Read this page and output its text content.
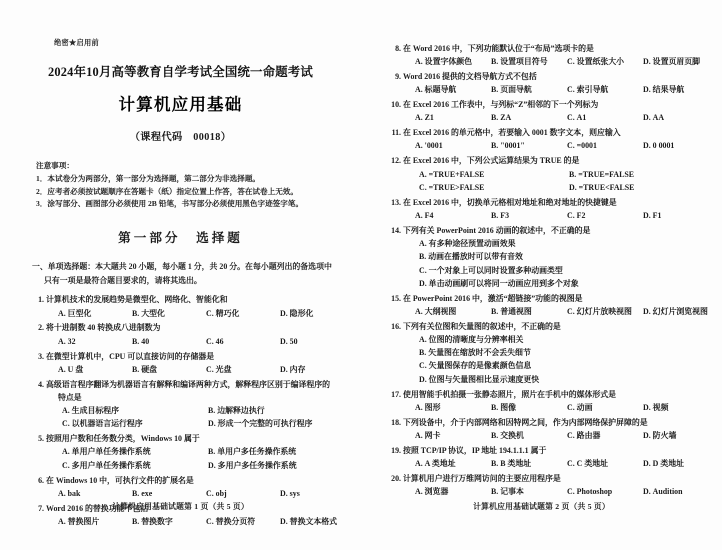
绝密★启用前
2024年10月高等教育自学考试全国统一命题考试
计算机应用基础
（课程代码　00018）
注意事项：
1．本试卷分为两部分，第一部分为选择题，第二部分为非选择题。
2．应考者必须按试题顺序在答题卡（纸）指定位置上作答，答在试卷上无效。
3．涂写部分、画图部分必须使用 2B 铅笔，书写部分必须使用黑色字迹签字笔。
第一部分　选择题
一、单项选择题：本大题共 20 小题，每小题 1 分，共 20 分。在每小题列出的备选项中
只有一项是最符合题目要求的，请将其选出。
1. 计算机技术的发展趋势是微型化、网络化、智能化和
A. 巨型化	B. 大型化	C. 精巧化	D. 隐形化
2. 将十进制数 40 转换成八进制数为
A. 32	B. 40	C. 46	D. 50
3. 在微型计算机中，CPU 可以直接访问的存储器是
A. U 盘	B. 硬盘	C. 光盘	D. 内存
4. 高级语言程序翻译为机器语言有解释和编译两种方式，解释程序区别于编译程序的
特点是
A. 生成目标程序	B. 边解释边执行
C. 以机器语言运行程序	D. 形成一个完整的可执行程序
5. 按照用户数和任务数分类，Windows 10 属于
A. 单用户单任务操作系统	B. 单用户多任务操作系统
C. 多用户单任务操作系统	D. 多用户多任务操作系统
6. 在 Windows 10 中，可执行文件的扩展名是
A. bak	B. exe	C. obj	D. sys
7. Word 2016 的替换功能不包括
A. 替换图片	B. 替换数字	C. 替换分页符	D. 替换文本格式
计算机应用基础试题第 1 页（共 5 页）
8. 在 Word 2016 中，下列功能默认位于“布局”选项卡的是
A. 设置字体颜色	B. 设置项目符号	C. 设置纸张大小	D. 设置页眉页脚
9. Word 2016 提供的文档导航方式不包括
A. 标题导航	B. 页面导航	C. 索引导航	D. 结果导航
10. 在 Excel 2016 工作表中，与列标“Z”相邻的下一个列标为
A. Z1	B. ZA	C. A1	D. AA
11. 在 Excel 2016 的单元格中，若要输入 0001 数字文本，则应输入
A. '0001	B. "0001"	C. =0001	D. 0 0001
12. 在 Excel 2016 中，下列公式运算结果为 TRUE 的是
A. =TRUE+FALSE	B. =TRUE=FALSE
C. =TRUE>FALSE	D. =TRUE<FALSE
13. 在 Excel 2016 中，切换单元格相对地址和绝对地址的快捷键是
A. F4	B. F3	C. F2	D. F1
14. 下列有关 PowerPoint 2016 动画的叙述中，不正确的是
A. 有多种途径预置动画效果
B. 动画在播放时可以带有音效
C. 一个对象上可以同时设置多种动画类型
D. 单击动画刷可以将同一动画应用到多个对象
15. 在 PowerPoint 2016 中，激活“超链接”功能的视图是
A. 大纲视图	B. 普通视图	C. 幻灯片放映视图	D. 幻灯片浏览视图
16. 下列有关位图和矢量图的叙述中，不正确的是
A. 位图的清晰度与分辨率相关
B. 矢量图在缩放时不会丢失细节
C. 矢量图保存的是像素颜色信息
D. 位图与矢量图相比显示速度更快
17. 使用智能手机拍摄一张静态照片，照片在手机中的媒体形式是
A. 图形	B. 图像	C. 动画	D. 视频
18. 下列设备中，介于内部网络和因特网之间，作为内部网络保护屏障的是
A. 网卡	B. 交换机	C. 路由器	D. 防火墙
19. 按照 TCP/IP 协议，IP 地址 194.1.1.1 属于
A. A 类地址	B. B 类地址	C. C 类地址	D. D 类地址
20. 计算机用户进行万维网访问的主要应用程序是
A. 浏览器	B. 记事本	C. Photoshop	D. Audition
计算机应用基础试题第 2 页（共 5 页）
